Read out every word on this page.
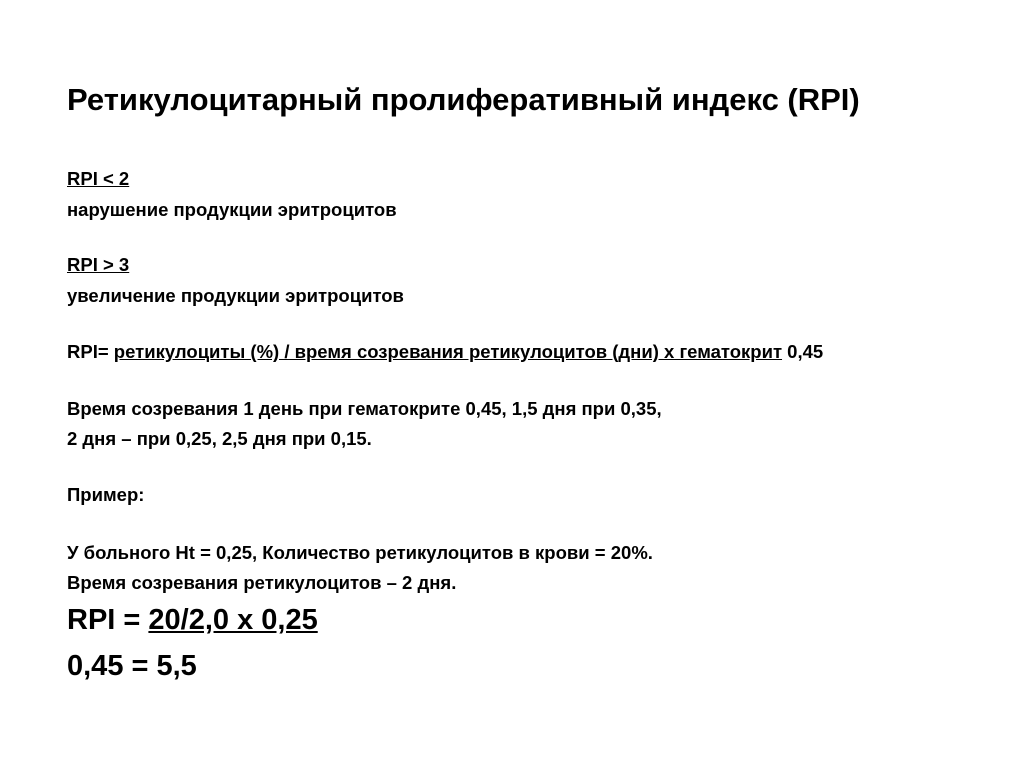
Ретикулоцитарный пролиферативный индекс (RPI)

RPI < 2

нарушение продукции эритроцитов

RPI > 3

увеличение продукции эритроцитов

RPI= ретикулоциты (%) / время созревания ретикулоцитов (дни) х гематокрит 0,45

Время созревания 1 день при гематокрите 0,45, 1,5 дня при 0,35,

2 дня – при 0,25, 2,5 дня при 0,15.

Пример:

У больного Ht = 0,25, Количество ретикулоцитов в крови = 20%.

Время созревания ретикулоцитов – 2 дня.

RPI = 20/2,0 х 0,25

0,45 = 5,5
